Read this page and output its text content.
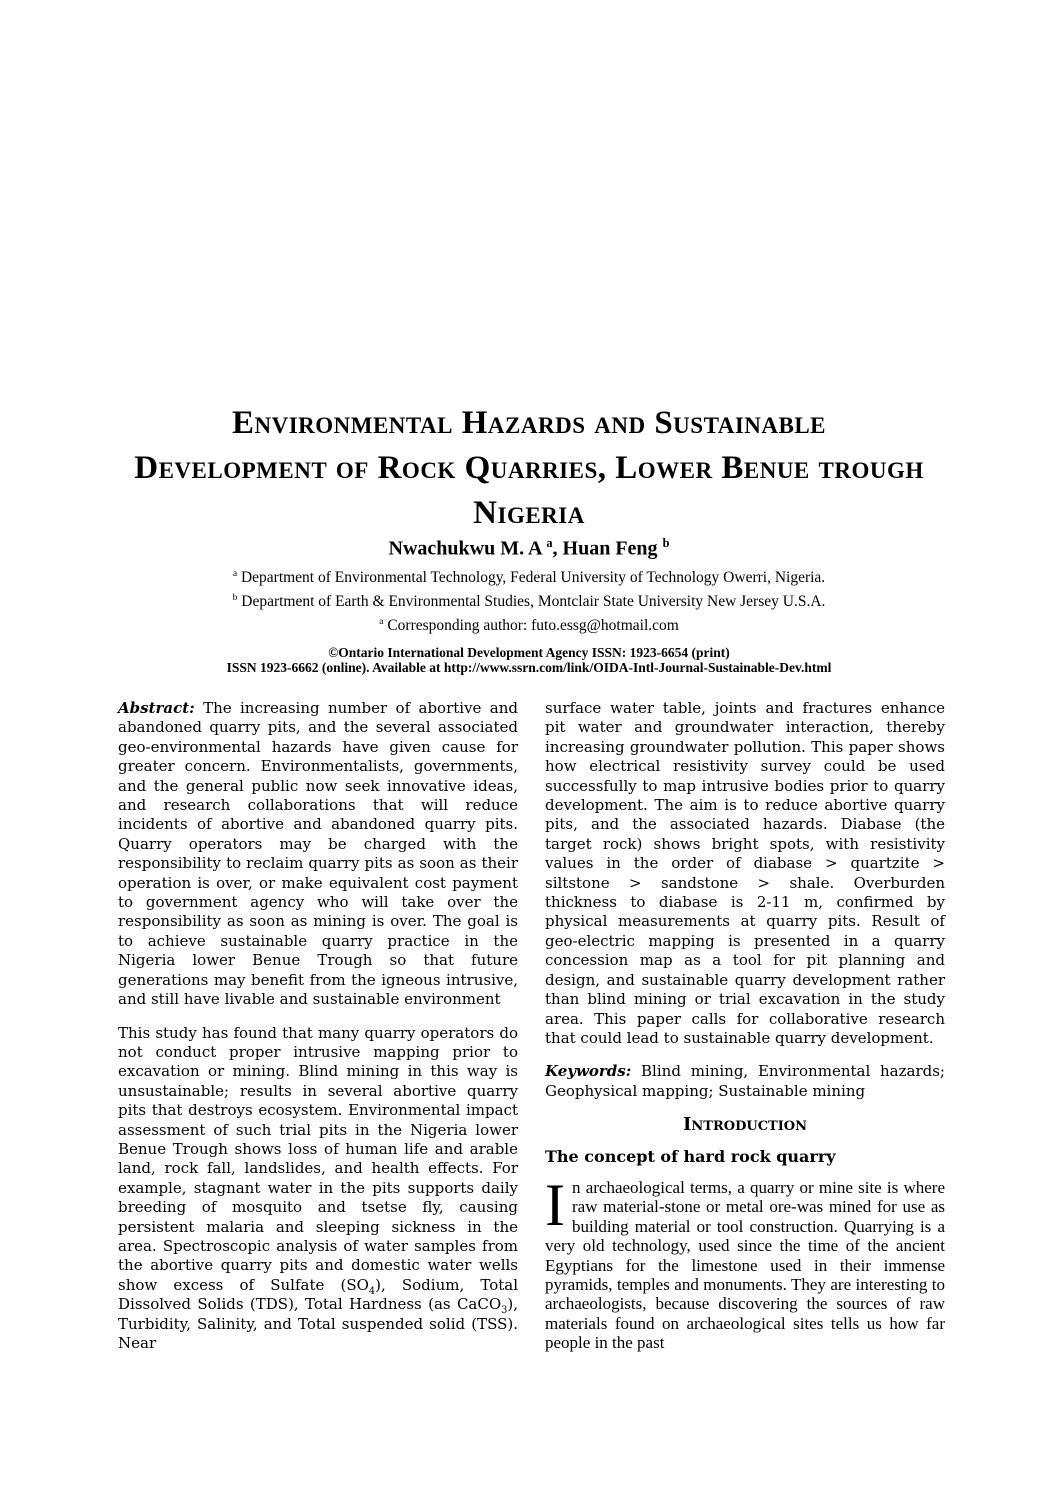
Environmental Hazards and Sustainable
Development of Rock Quarries, Lower Benue trough
Nigeria
Nwachukwu M. A $^a$, Huan Feng $^b$
$^a$ Department of Environmental Technology, Federal University of Technology Owerri, Nigeria.
$^b$ Department of Earth & Environmental Studies, Montclair State University New Jersey U.S.A.
$^a$ Corresponding author: futo.essg@hotmail.com
©Ontario International Development Agency ISSN: 1923-6654 (print)
ISSN 1923-6662 (online). Available at http://www.ssrn.com/link/OIDA-Intl-Journal-Sustainable-Dev.html

Abstract: The increasing number of abortive and abandoned quarry pits, and the several associated geo-environmental hazards have given cause for greater concern. Environmentalists, governments, and the general public now seek innovative ideas, and research collaborations that will reduce incidents of abortive and abandoned quarry pits. Quarry operators may be charged with the responsibility to reclaim quarry pits as soon as their operation is over, or make equivalent cost payment to government agency who will take over the responsibility as soon as mining is over. The goal is to achieve sustainable quarry practice in the Nigeria lower Benue Trough so that future generations may benefit from the igneous intrusive, and still have livable and sustainable environment

This study has found that many quarry operators do not conduct proper intrusive mapping prior to excavation or mining. Blind mining in this way is unsustainable; results in several abortive quarry pits that destroys ecosystem. Environmental impact assessment of such trial pits in the Nigeria lower Benue Trough shows loss of human life and arable land, rock fall, landslides, and health effects. For example, stagnant water in the pits supports daily breeding of mosquito and tsetse fly, causing persistent malaria and sleeping sickness in the area. Spectroscopic analysis of water samples from the abortive quarry pits and domestic water wells show excess of Sulfate $(SO_4)$, Sodium, Total Dissolved Solids (TDS), Total Hardness (as CaCO$_3$), Turbidity, Salinity, and Total suspended solid (TSS). Near

surface water table, joints and fractures enhance pit water and groundwater interaction, thereby increasing groundwater pollution. This paper shows how electrical resistivity survey could be used successfully to map intrusive bodies prior to quarry development. The aim is to reduce abortive quarry pits, and the associated hazards. Diabase (the target rock) shows bright spots, with resistivity values in the order of diabase > quartzite > siltstone > sandstone > shale. Overburden thickness to diabase is 2-11 m, confirmed by physical measurements at quarry pits. Result of geo-electric mapping is presented in a quarry concession map as a tool for pit planning and design, and sustainable quarry development rather than blind mining or trial excavation in the study area. This paper calls for collaborative research that could lead to sustainable quarry development.

Keywords: Blind mining, Environmental hazards; Geophysical mapping; Sustainable mining

Introduction
The concept of hard rock quarry

In archaeological terms, a quarry or mine site is where raw material-stone or metal ore-was mined for use as building material or tool construction. Quarrying is a very old technology, used since the time of the ancient Egyptians for the limestone used in their immense pyramids, temples and monuments. They are interesting to archaeologists, because discovering the sources of raw materials found on archaeological sites tells us how far people in the past
